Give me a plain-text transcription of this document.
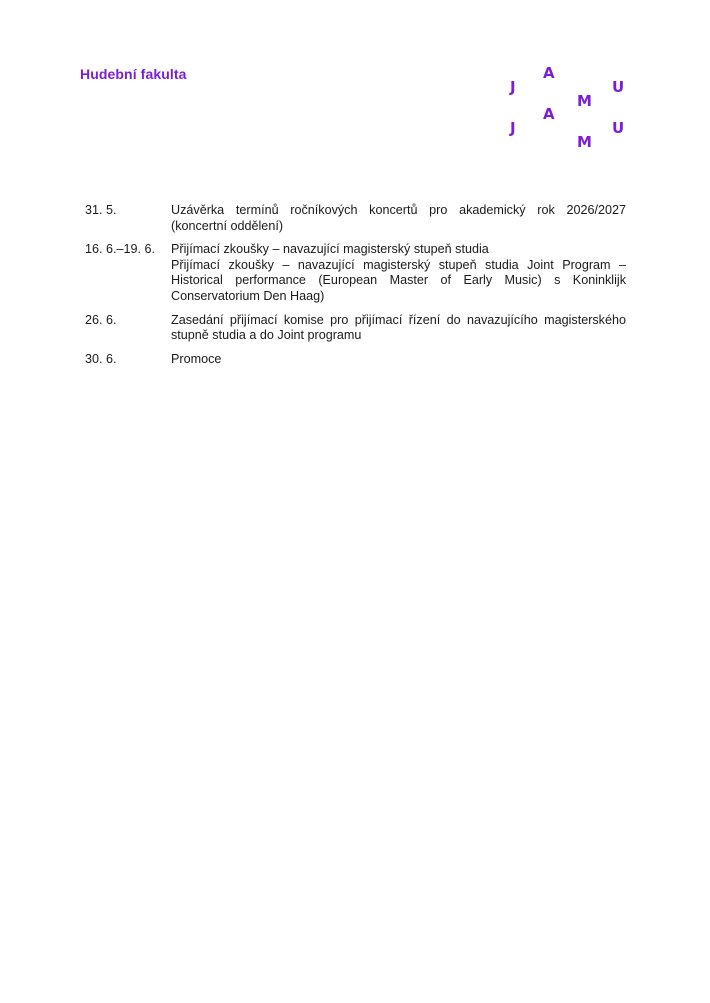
Hudební fakulta	A
J
M
U
A
J
M
U
31. 5.	Uzávěrka termínů ročníkových koncertů pro akademický rok 2026/2027 (koncertní oddělení)
16. 6.–19. 6.	Přijímací zkoušky – navazující magisterský stupeň studia
Přijímací zkoušky – navazující magisterský stupeň studia Joint Program – Historical performance (European Master of Early Music) s Koninklijk Conservatorium Den Haag)
26. 6.	Zasedání přijímací komise pro přijímací řízení do navazujícího magisterského stupně studia a do Joint programu
30. 6.	Promoce
